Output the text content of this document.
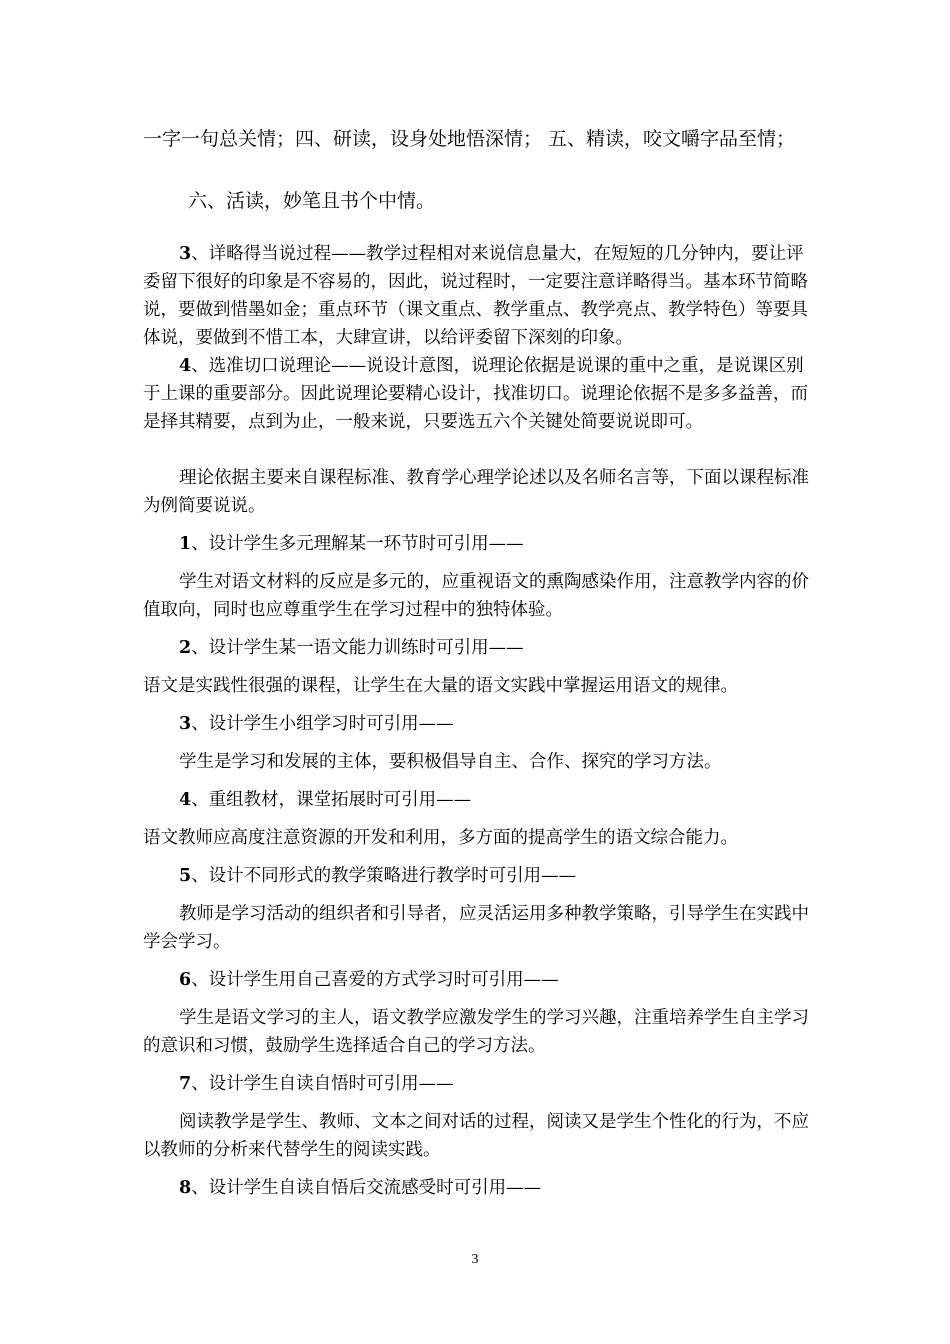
一字一句总关情；四、研读，设身处地悟深情； 五、精读，咬文嚼字品至情；

六、活读，妙笔且书个中情。

3、详略得当说过程——教学过程相对来说信息量大，在短短的几分钟内，要让评委留下很好的印象是不容易的，因此，说过程时，一定要注意详略得当。基本环节简略说，要做到惜墨如金；重点环节（课文重点、教学重点、教学亮点、教学特色）等要具体说，要做到不惜工本，大肆宣讲，以给评委留下深刻的印象。

4、选准切口说理论——说设计意图，说理论依据是说课的重中之重，是说课区别于上课的重要部分。因此说理论要精心设计，找准切口。说理论依据不是多多益善，而是择其精要，点到为止，一般来说，只要选五六个关键处简要说说即可。

理论依据主要来自课程标准、教育学心理学论述以及名师名言等，下面以课程标准为例简要说说。

1、设计学生多元理解某一环节时可引用——

学生对语文材料的反应是多元的，应重视语文的熏陶感染作用，注意教学内容的价值取向，同时也应尊重学生在学习过程中的独特体验。

2、设计学生某一语文能力训练时可引用——

语文是实践性很强的课程，让学生在大量的语文实践中掌握运用语文的规律。

3、设计学生小组学习时可引用——

学生是学习和发展的主体，要积极倡导自主、合作、探究的学习方法。

4、重组教材，课堂拓展时可引用——

语文教师应高度注意资源的开发和利用，多方面的提高学生的语文综合能力。

5、设计不同形式的教学策略进行教学时可引用——

教师是学习活动的组织者和引导者，应灵活运用多种教学策略，引导学生在实践中学会学习。

6、设计学生用自己喜爱的方式学习时可引用——

学生是语文学习的主人，语文教学应激发学生的学习兴趣，注重培养学生自主学习的意识和习惯，鼓励学生选择适合自己的学习方法。

7、设计学生自读自悟时可引用——

阅读教学是学生、教师、文本之间对话的过程，阅读又是学生个性化的行为，不应以教师的分析来代替学生的阅读实践。

8、设计学生自读自悟后交流感受时可引用——

3
